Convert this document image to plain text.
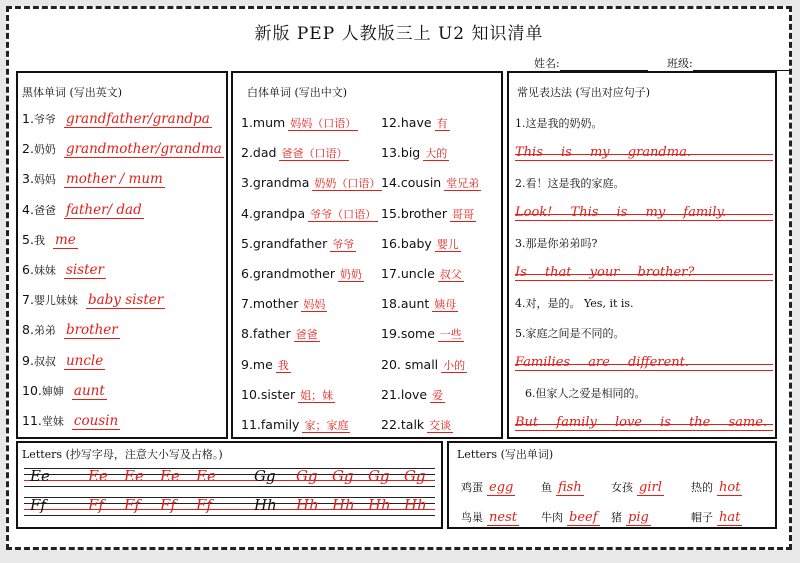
新版 PEP 人教版三上 U2 知识清单
姓名:	班级:
黑体单词 (写出英文)
1.爷爷 grandfather/grandpa
2.奶奶 grandmother/grandma
3.妈妈 mother / mum
4.爸爸 father/ dad
5.我 me
6.妹妹 sister
7.婴儿妹妹 baby sister
8.弟弟 brother
9.叔叔 uncle
10.婶婶 aunt
11.堂妹 cousin
白体单词 (写出中文)
1.mum 妈妈（口语）
2.dad 爸爸（口语）
3.grandma 奶奶（口语）
4.grandpa 爷爷（口语）
5.grandfather 爷爷
6.grandmother 奶奶
7.mother 妈妈
8.father 爸爸
9.me 我
10.sister 姐；妹
11.family 家；家庭
12.have 有
13.big 大的
14.cousin 堂兄弟
15.brother 哥哥
16.baby 婴儿
17.uncle 叔父
18.aunt 姨母
19.some 一些
20. small 小的
21.love 爱
22.talk 交谈
常见表达法 (写出对应句子)
1.这是我的奶奶。
This is my grandma.
2.看！这是我的家庭。
Look! This is my family.
3.那是你弟弟吗?
Is that your brother?
4.对，是的。 Yes, it is.
5.家庭之间是不同的。
Families are different.
6.但家人之爱是相同的。
But family love is the same.
Letters (抄写字母，注意大小写及占格。)
Ee	Ee Ee Ee Ee	Gg Gg Gg Gg Gg
Ff	Ff Ff Ff Ff	Hh Hh Hh Hh Hh
Letters (写出单词)
鸡蛋 egg	鱼 fish	女孩 girl	热的 hot
鸟巢 nest 牛肉 beef 猪 pig	帽子 hat
